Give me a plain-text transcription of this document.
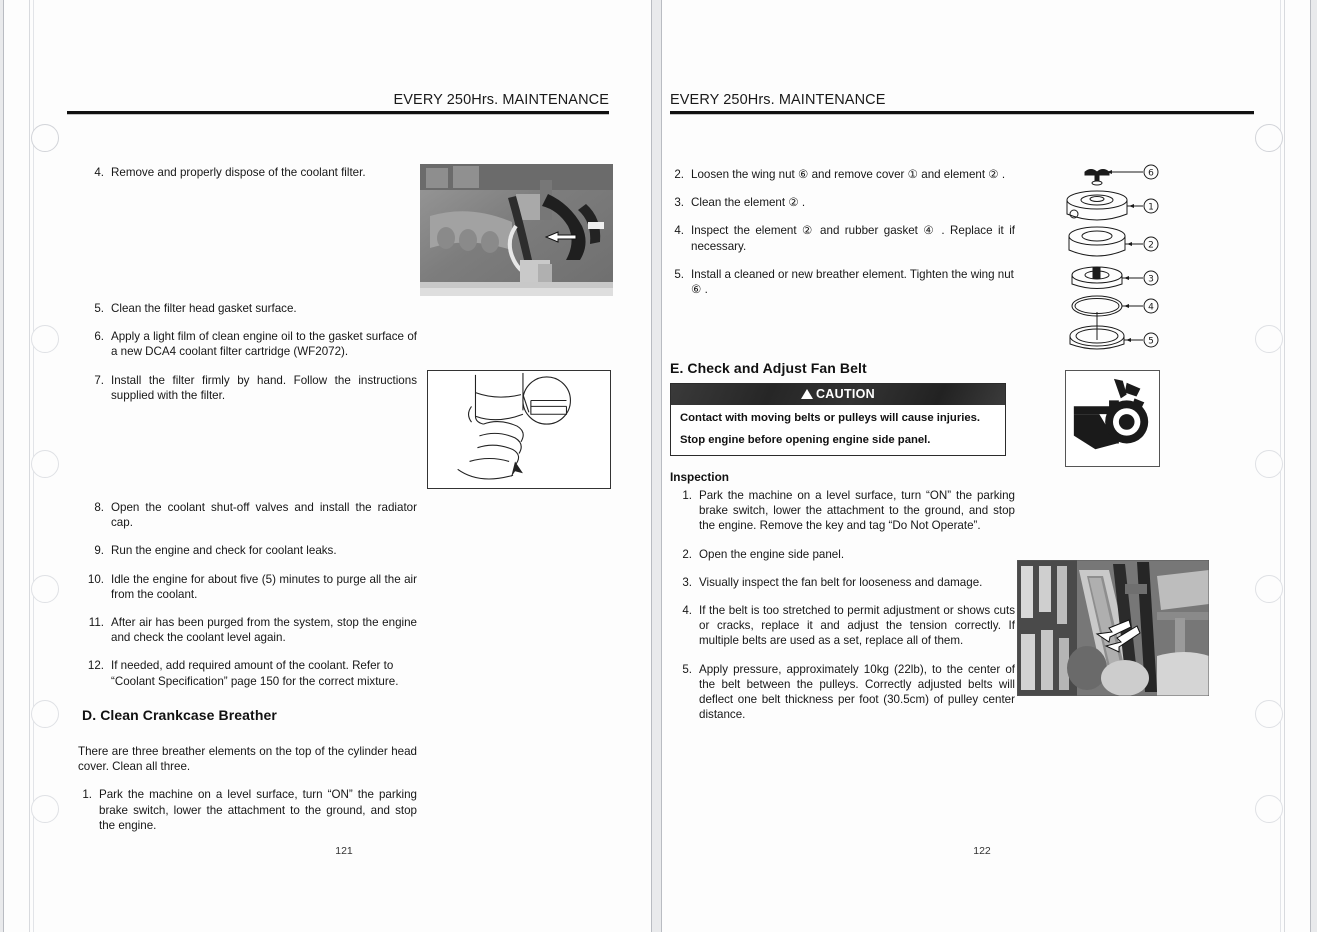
EVERY 250Hrs. MAINTENANCE
4. Remove and properly dispose of the coolant filter.
5. Clean the filter head gasket surface.
6. Apply a light film of clean engine oil to the gasket surface of a new DCA4 coolant filter cartridge (WF2072).
7. Install the filter firmly by hand. Follow the instructions supplied with the filter.
8. Open the coolant shut-off valves and install the radiator cap.
9. Run the engine and check for coolant leaks.
10. Idle the engine for about five (5) minutes to purge all the air from the coolant.
11. After air has been purged from the system, stop the engine and check the coolant level again.
12. If needed, add required amount of the coolant. Refer to “Coolant Specification” page 150 for the correct mixture.
D. Clean Crankcase Breather
There are three breather elements on the top of the cylinder head cover. Clean all three.
1. Park the machine on a level surface, turn “ON” the parking brake switch, lower the attachment to the ground, and stop the engine.
121
EVERY 250Hrs. MAINTENANCE
2. Loosen the wing nut ⑥ and remove cover ① and element ② .
3. Clean the element ② .
4. Inspect the element ② and rubber gasket ④ . Replace it if necessary.
5. Install a cleaned or new breather element. Tighten the wing nut ⑥ .
6
1
2
3
4
5
E. Check and Adjust Fan Belt
CAUTION
Contact with moving belts or pulleys will cause injuries.
Stop engine before opening engine side panel.
Inspection
1. Park the machine on a level surface, turn “ON” the parking brake switch, lower the attachment to the ground, and stop the engine. Remove the key and tag “Do Not Operate”.
2. Open the engine side panel.
3. Visually inspect the fan belt for looseness and damage.
4. If the belt is too stretched to permit adjustment or shows cuts or cracks, replace it and adjust the tension correctly. If multiple belts are used as a set, replace all of them.
5. Apply pressure, approximately 10kg (22lb), to the center of the belt between the pulleys. Correctly adjusted belts will deflect one belt thickness per foot (30.5cm) of pulley center distance.
122
